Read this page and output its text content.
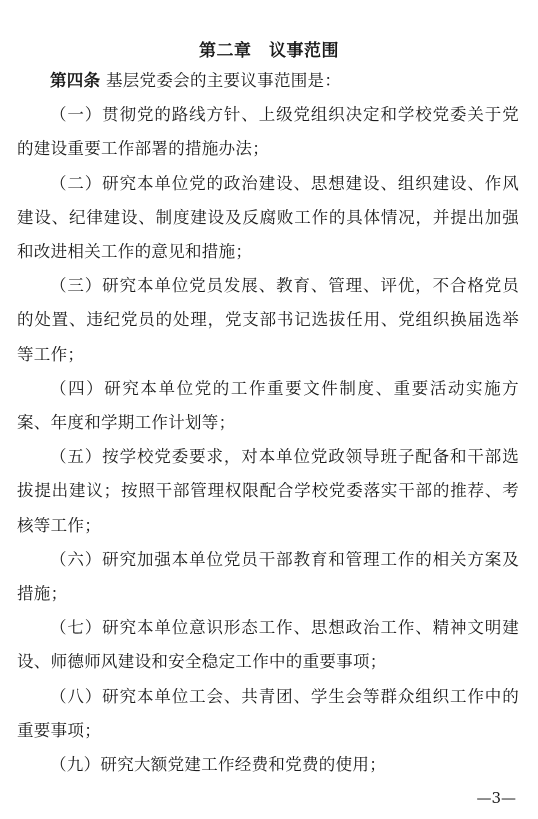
第二章　议事范围

第四条 基层党委会的主要议事范围是：

（一）贯彻党的路线方针、上级党组织决定和学校党委关于党的建设重要工作部署的措施办法；

（二）研究本单位党的政治建设、思想建设、组织建设、作风建设、纪律建设、制度建设及反腐败工作的具体情况，并提出加强和改进相关工作的意见和措施；

（三）研究本单位党员发展、教育、管理、评优，不合格党员的处置、违纪党员的处理，党支部书记选拔任用、党组织换届选举等工作；

（四）研究本单位党的工作重要文件制度、重要活动实施方案、年度和学期工作计划等；

（五）按学校党委要求，对本单位党政领导班子配备和干部选拔提出建议；按照干部管理权限配合学校党委落实干部的推荐、考核等工作；

（六）研究加强本单位党员干部教育和管理工作的相关方案及措施；

（七）研究本单位意识形态工作、思想政治工作、精神文明建设、师德师风建设和安全稳定工作中的重要事项；

（八）研究本单位工会、共青团、学生会等群众组织工作中的重要事项；

（九）研究大额党建工作经费和党费的使用；

—3—
